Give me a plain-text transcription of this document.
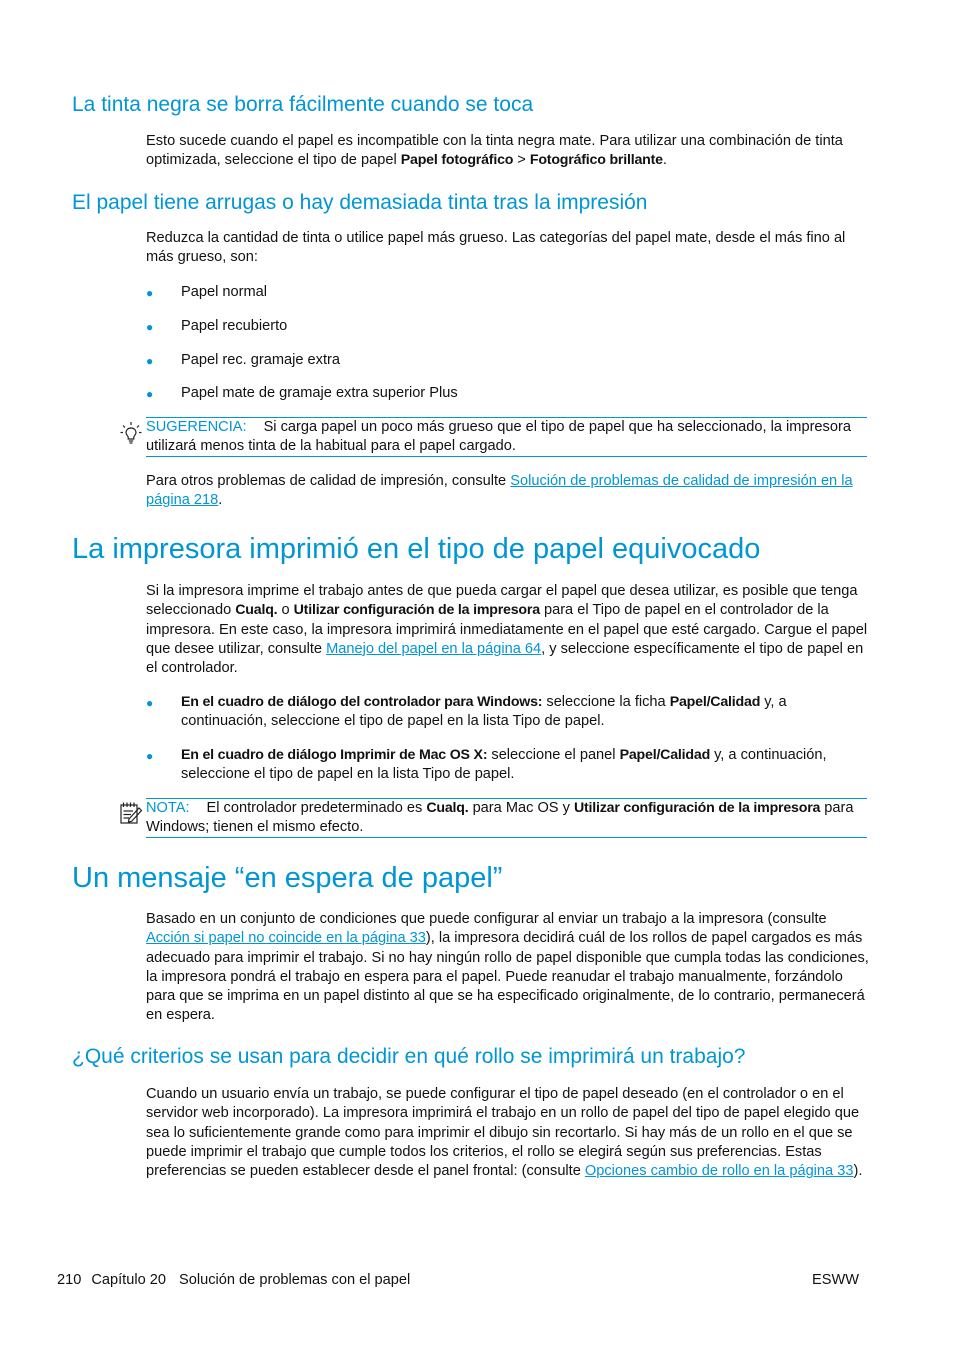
La tinta negra se borra fácilmente cuando se toca
Esto sucede cuando el papel es incompatible con la tinta negra mate. Para utilizar una combinación de tinta optimizada, seleccione el tipo de papel Papel fotográfico > Fotográfico brillante.
El papel tiene arrugas o hay demasiada tinta tras la impresión
Reduzca la cantidad de tinta o utilice papel más grueso. Las categorías del papel mate, desde el más fino al más grueso, son:
● Papel normal
● Papel recubierto
● Papel rec. gramaje extra
● Papel mate de gramaje extra superior Plus
SUGERENCIA: Si carga papel un poco más grueso que el tipo de papel que ha seleccionado, la impresora utilizará menos tinta de la habitual para el papel cargado.
Para otros problemas de calidad de impresión, consulte Solución de problemas de calidad de impresión en la página 218.
La impresora imprimió en el tipo de papel equivocado
Si la impresora imprime el trabajo antes de que pueda cargar el papel que desea utilizar, es posible que tenga seleccionado Cualq. o Utilizar configuración de la impresora para el Tipo de papel en el controlador de la impresora. En este caso, la impresora imprimirá inmediatamente en el papel que esté cargado. Cargue el papel que desee utilizar, consulte Manejo del papel en la página 64, y seleccione específicamente el tipo de papel en el controlador.
● En el cuadro de diálogo del controlador para Windows: seleccione la ficha Papel/Calidad y, a continuación, seleccione el tipo de papel en la lista Tipo de papel.
● En el cuadro de diálogo Imprimir de Mac OS X: seleccione el panel Papel/Calidad y, a continuación, seleccione el tipo de papel en la lista Tipo de papel.
NOTA: El controlador predeterminado es Cualq. para Mac OS y Utilizar configuración de la impresora para Windows; tienen el mismo efecto.
Un mensaje “en espera de papel”
Basado en un conjunto de condiciones que puede configurar al enviar un trabajo a la impresora (consulte Acción si papel no coincide en la página 33), la impresora decidirá cuál de los rollos de papel cargados es más adecuado para imprimir el trabajo. Si no hay ningún rollo de papel disponible que cumpla todas las condiciones, la impresora pondrá el trabajo en espera para el papel. Puede reanudar el trabajo manualmente, forzándolo para que se imprima en un papel distinto al que se ha especificado originalmente, de lo contrario, permanecerá en espera.
¿Qué criterios se usan para decidir en qué rollo se imprimirá un trabajo?
Cuando un usuario envía un trabajo, se puede configurar el tipo de papel deseado (en el controlador o en el servidor web incorporado). La impresora imprimirá el trabajo en un rollo de papel del tipo de papel elegido que sea lo suficientemente grande como para imprimir el dibujo sin recortarlo. Si hay más de un rollo en el que se puede imprimir el trabajo que cumple todos los criterios, el rollo se elegirá según sus preferencias. Estas preferencias se pueden establecer desde el panel frontal: (consulte Opciones cambio de rollo en la página 33).
210 Capítulo 20 Solución de problemas con el papel	ESWW
